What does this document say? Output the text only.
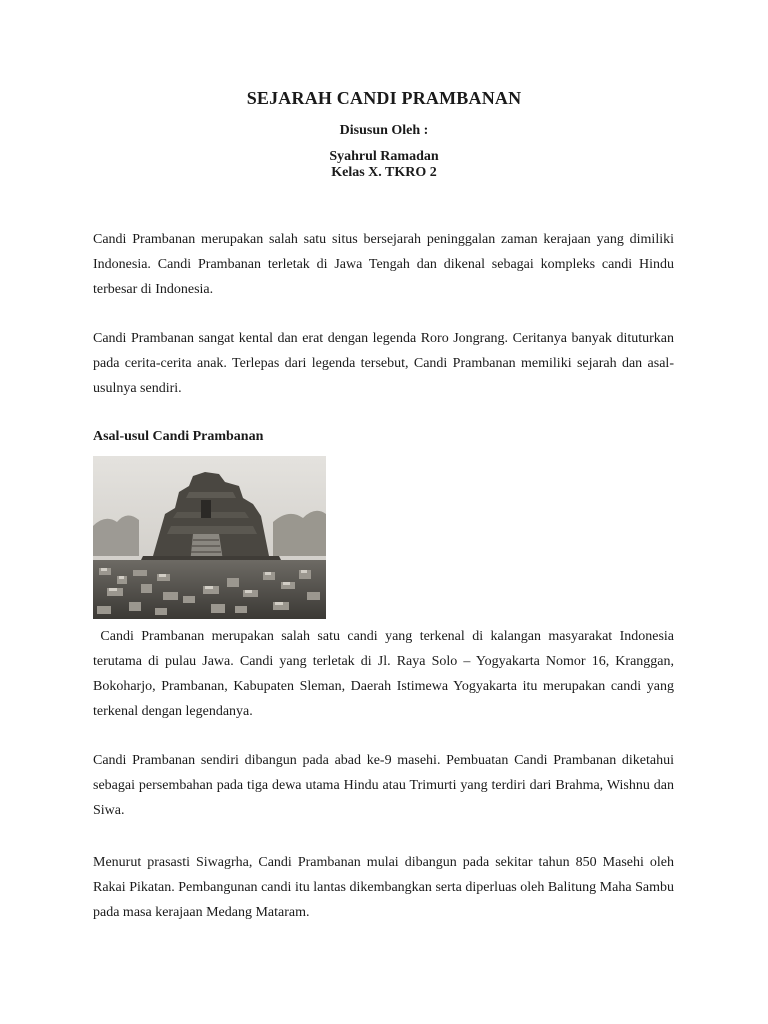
SEJARAH CANDI PRAMBANAN
Disusun Oleh :
Syahrul Ramadan
Kelas X. TKRO 2
Candi Prambanan merupakan salah satu situs bersejarah peninggalan zaman kerajaan yang dimiliki Indonesia. Candi Prambanan terletak di Jawa Tengah dan dikenal sebagai kompleks candi Hindu terbesar di Indonesia.
Candi Prambanan sangat kental dan erat dengan legenda Roro Jongrang. Ceritanya banyak dituturkan pada cerita-cerita anak. Terlepas dari legenda tersebut, Candi Prambanan memiliki sejarah dan asal-usulnya sendiri.
Asal-usul Candi Prambanan
Candi Prambanan merupakan salah satu candi yang terkenal di kalangan masyarakat Indonesia terutama di pulau Jawa. Candi yang terletak di Jl. Raya Solo – Yogyakarta Nomor 16, Kranggan, Bokoharjo, Prambanan, Kabupaten Sleman, Daerah Istimewa Yogyakarta itu merupakan candi yang terkenal dengan legendanya.
Candi Prambanan sendiri dibangun pada abad ke-9 masehi. Pembuatan Candi Prambanan diketahui sebagai persembahan pada tiga dewa utama Hindu atau Trimurti yang terdiri dari Brahma, Wishnu dan Siwa.
Menurut prasasti Siwagrha, Candi Prambanan mulai dibangun pada sekitar tahun 850 Masehi oleh Rakai Pikatan. Pembangunan candi itu lantas dikembangkan serta diperluas oleh Balitung Maha Sambu pada masa kerajaan Medang Mataram.
